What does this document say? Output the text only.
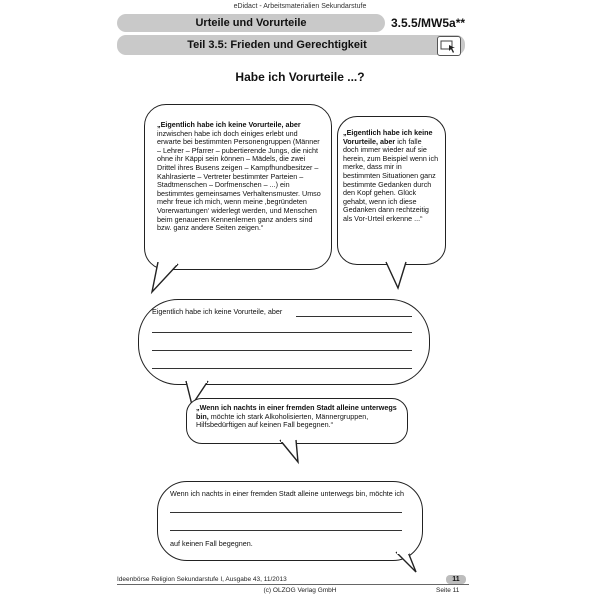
eDidact - Arbeitsmaterialien Sekundarstufe
Urteile und Vorurteile	3.5.5/MW5a**
Teil 3.5: Frieden und Gerechtigkeit
Habe ich Vorurteile ...?
„Eigentlich habe ich keine Vorurteile, aber inzwischen habe ich doch einiges erlebt und erwarte bei bestimmten Personengruppen (Männer – Lehrer – Pfarrer – pubertierende Jungs, die nicht ohne ihr Käppi sein können – Mädels, die zwei Drittel ihres Busens zeigen – Kampfhundbesitzer – Kahlrasierte – Vertreter bestimmter Parteien – Stadtmenschen – Dorfmenschen – ...) ein bestimmtes gemeinsames Verhaltensmuster. Umso mehr freue ich mich, wenn meine ‚begründeten Vorerwartungen‘ widerlegt werden, und Menschen beim genaueren Kennenlernen ganz anders sind bzw. ganz andere Seiten zeigen.“
„Eigentlich habe ich keine Vorurteile, aber ich falle doch immer wieder auf sie herein, zum Beispiel wenn ich merke, dass mir in bestimmten Situationen ganz bestimmte Gedanken durch den Kopf gehen. Glück gehabt, wenn ich diese Gedanken dann rechtzeitig als Vor-Urteil erkenne ...“
Eigentlich habe ich keine Vorurteile, aber
„Wenn ich nachts in einer fremden Stadt alleine unterwegs bin, möchte ich stark Alkoholisierten, Männergruppen, Hilfsbedürftigen auf keinen Fall begegnen.“
Wenn ich nachts in einer fremden Stadt alleine unterwegs bin, möchte ich
auf keinen Fall begegnen.
Ideenbörse Religion Sekundarstufe I, Ausgabe 43, 11/2013	11
(c) OLZOG Verlag GmbH	Seite 11
